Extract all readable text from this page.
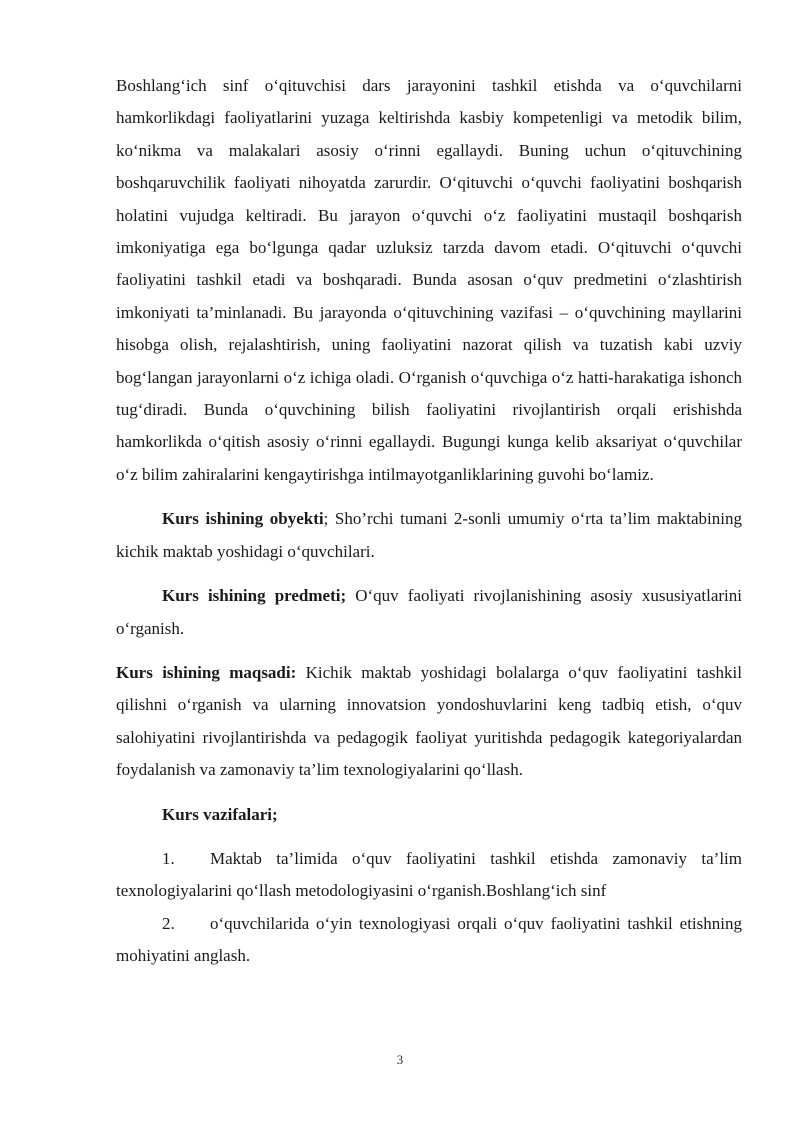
Boshlang‘ich sinf o‘qituvchisi dars jarayonini tashkil etishda va o‘quvchilarni hamkorlikdagi faoliyatlarini yuzaga keltirishda kasbiy kompetenligi va metodik bilim, ko‘nikma va malakalari asosiy o‘rinni egallaydi. Buning uchun o‘qituvchining boshqaruvchilik faoliyati nihoyatda zarurdir. O‘qituvchi o‘quvchi faoliyatini boshqarish holatini vujudga keltiradi. Bu jarayon o‘quvchi o‘z faoliyatini mustaqil boshqarish imkoniyatiga ega bo‘lgunga qadar uzluksiz tarzda davom etadi. O‘qituvchi o‘quvchi faoliyatini tashkil etadi va boshqaradi. Bunda asosan o‘quv predmetini o‘zlashtirish imkoniyati ta’minlanadi. Bu jarayonda o‘qituvchining vazifasi – o‘quvchining mayllarini hisobga olish, rejalashtirish, uning faoliyatini nazorat qilish va tuzatish kabi uzviy bog‘langan jarayonlarni o‘z ichiga oladi. O‘rganish o‘quvchiga o‘z hatti-harakatiga ishonch tug‘diradi. Bunda o‘quvchining bilish faoliyatini rivojlantirish orqali erishishda hamkorlikda o‘qitish asosiy o‘rinni egallaydi. Bugungi kunga kelib aksariyat o‘quvchilar o‘z bilim zahiralarini kengaytirishga intilmayotganliklarining guvohi bo‘lamiz.

Kurs ishining obyekti; Sho’rchi tumani 2-sonli umumiy o‘rta ta’lim maktabining kichik maktab yoshidagi o‘quvchilari.

Kurs ishining predmeti; O‘quv faoliyati rivojlanishining asosiy xususiyatlarini o‘rganish.

Kurs ishining maqsadi: Kichik maktab yoshidagi bolalarga o‘quv faoliyatini tashkil qilishni o‘rganish va ularning innovatsion yondoshuvlarini keng tadbiq etish, o‘quv salohiyatini rivojlantirishda va pedagogik faoliyat yuritishda pedagogik kategoriyalardan foydalanish va zamonaviy ta’lim texnologiyalarini qo‘llash.

Kurs vazifalari;

1. Maktab ta’limida o‘quv faoliyatini tashkil etishda zamonaviy ta’lim texnologiyalarini qo‘llash metodologiyasini o‘rganish.Boshlang‘ich sinf

2. o‘quvchilarida o‘yin texnologiyasi orqali o‘quv faoliyatini tashkil etishning mohiyatini anglash.

3
